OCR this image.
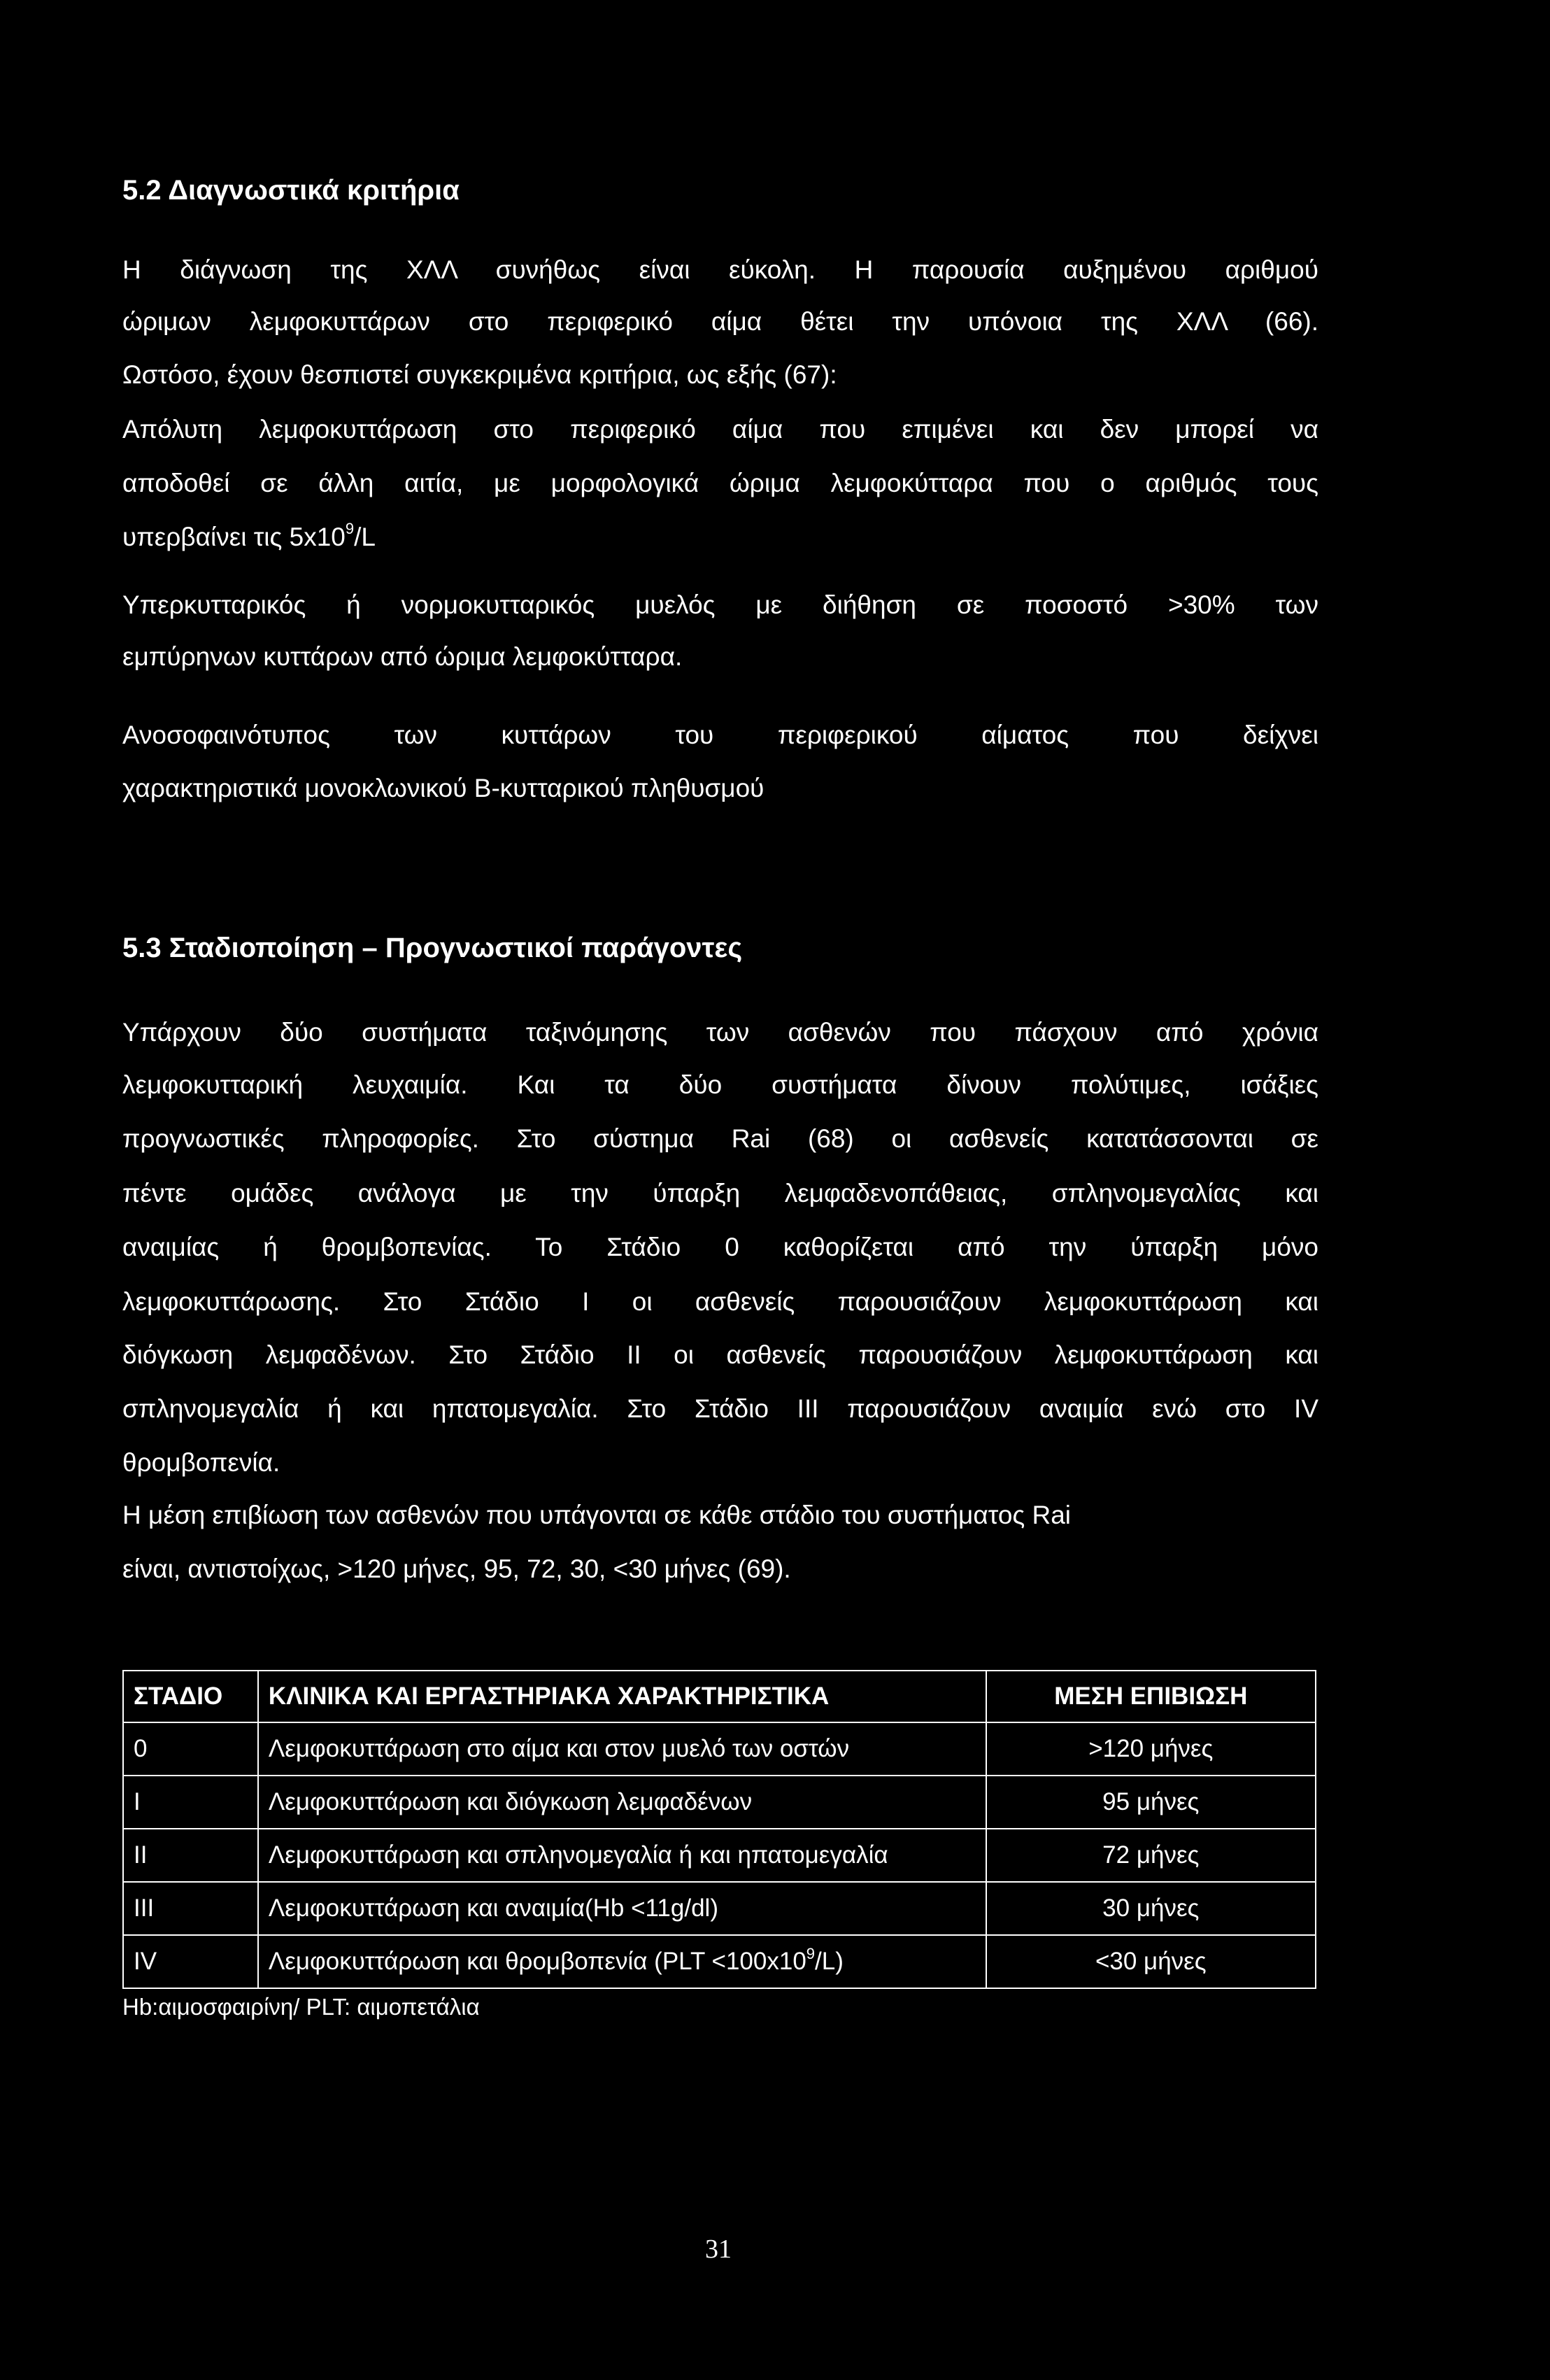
5.2 Διαγνωστικά κριτήρια
Η διάγνωση της ΧΛΛ συνήθως είναι εύκολη. Η παρουσία αυξημένου αριθμού
ώριμων λεμφοκυττάρων στο περιφερικό αίμα θέτει την υπόνοια της ΧΛΛ (66).
Ωστόσο, έχουν θεσπιστεί συγκεκριμένα κριτήρια, ως εξής (67):
Απόλυτη λεμφοκυττάρωση στο περιφερικό αίμα που επιμένει και δεν μπορεί να
αποδοθεί σε άλλη αιτία, με μορφολογικά ώριμα λεμφοκύτταρα που ο αριθμός τους
υπερβαίνει τις $5x10^9/L$
Υπερκυτταρικός ή νορμοκυτταρικός μυελός με διήθηση σε ποσοστό >30% των
εμπύρηνων κυττάρων από ώριμα λεμφοκύτταρα.
Ανοσοφαινότυπος των κυττάρων του περιφερικού αίματος που δείχνει
χαρακτηριστικά μονοκλωνικού Β-κυτταρικού πληθυσμού
5.3 Σταδιοποίηση – Προγνωστικοί παράγοντες
Υπάρχουν δύο συστήματα ταξινόμησης των ασθενών που πάσχουν από χρόνια
λεμφοκυτταρική λευχαιμία. Και τα δύο συστήματα δίνουν πολύτιμες, ισάξιες
προγνωστικές πληροφορίες. Στο σύστημα Rai (68) οι ασθενείς κατατάσσονται σε
πέντε ομάδες ανάλογα με την ύπαρξη λεμφαδενοπάθειας, σπληνομεγαλίας και
αναιμίας ή θρομβοπενίας. Το Στάδιο 0 καθορίζεται από την ύπαρξη μόνο
λεμφοκυττάρωσης. Στο Στάδιο Ι οι ασθενείς παρουσιάζουν λεμφοκυττάρωση και
διόγκωση λεμφαδένων. Στο Στάδιο ΙΙ οι ασθενείς παρουσιάζουν λεμφοκυττάρωση και
σπληνομεγαλία ή και ηπατομεγαλία. Στο Στάδιο ΙΙΙ παρουσιάζουν αναιμία ενώ στο IV
θρομβοπενία.
Η μέση επιβίωση των ασθενών που υπάγονται σε κάθε στάδιο του συστήματος Rai
είναι, αντιστοίχως, >120 μήνες, 95, 72, 30, <30 μήνες (69).
ΣΤΑΔΙΟ	ΚΛΙΝΙΚΑ ΚΑΙ ΕΡΓΑΣΤΗΡΙΑΚΑ ΧΑΡΑΚΤΗΡΙΣΤΙΚΑ	ΜΕΣΗ ΕΠΙΒΙΩΣΗ
0	Λεμφοκυττάρωση στο αίμα και στον μυελό των οστών	>120 μήνες
I	Λεμφοκυττάρωση και διόγκωση λεμφαδένων	95 μήνες
II	Λεμφοκυττάρωση και σπληνομεγαλία ή και ηπατομεγαλία	72 μήνες
III	Λεμφοκυττάρωση και αναιμία(Hb <11g/dl)	30 μήνες
IV	Λεμφοκυττάρωση και θρομβοπενία $(PLT <100x10^9/L)$	<30 μήνες
Hb:αιμοσφαιρίνη/ PLT: αιμοπετάλια
31
